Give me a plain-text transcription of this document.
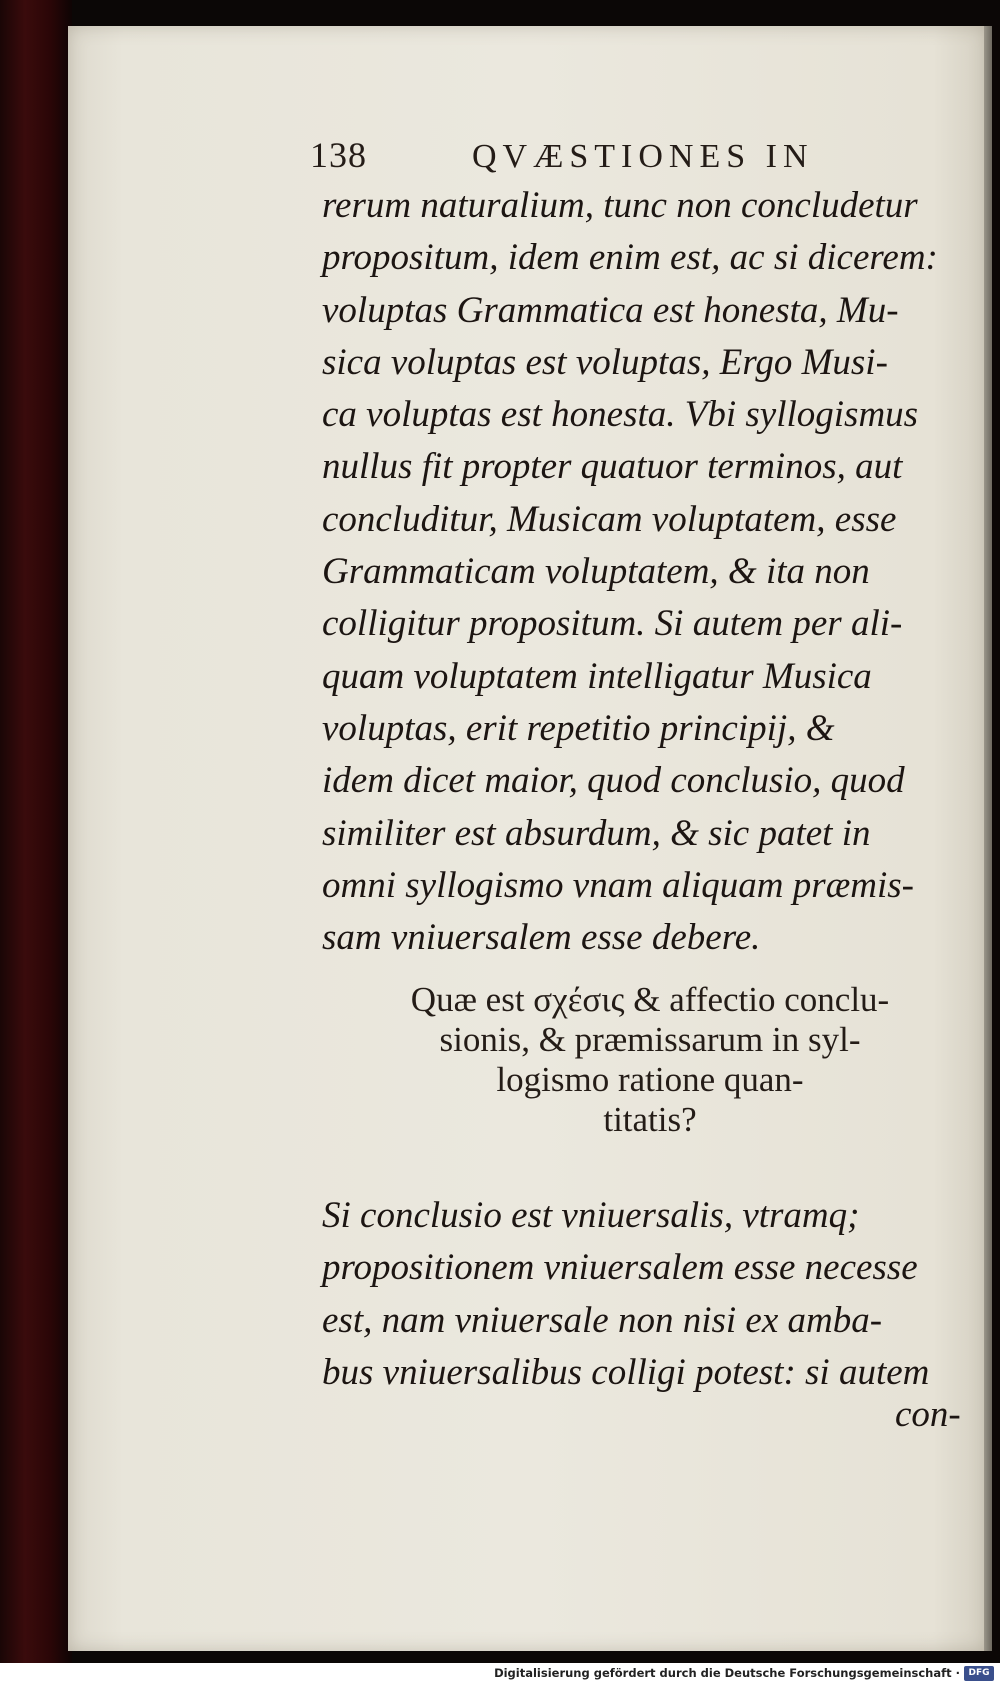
138	QVÆSTIONES IN
rerum naturalium, tunc non concludetur
propositum, idem enim est, ac si dicerem:
voluptas Grammatica est honesta, Mu-
sica voluptas est voluptas, Ergo Musi-
ca voluptas est honesta. Vbi syllogismus
nullus fit propter quatuor terminos, aut
concluditur, Musicam voluptatem, esse
Grammaticam voluptatem, & ita non
colligitur propositum. Si autem per ali-
quam voluptatem intelligatur Musica
voluptas, erit repetitio principij, &
idem dicet maior, quod conclusio, quod
similiter est absurdum, & sic patet in
omni syllogismo vnam aliquam præmis-
sam vniuersalem esse debere.
Quæ est σχέσις & affectio conclu-
sionis, & præmissarum in syl-
logismo ratione quan-
titatis?
Si conclusio est vniuersalis, vtramq;
propositionem vniuersalem esse necesse
est, nam vniuersale non nisi ex amba-
bus vniuersalibus colligi potest: si autem
con-
Digitalisierung gefördert durch die Deutsche Forschungsgemeinschaft · DFG
